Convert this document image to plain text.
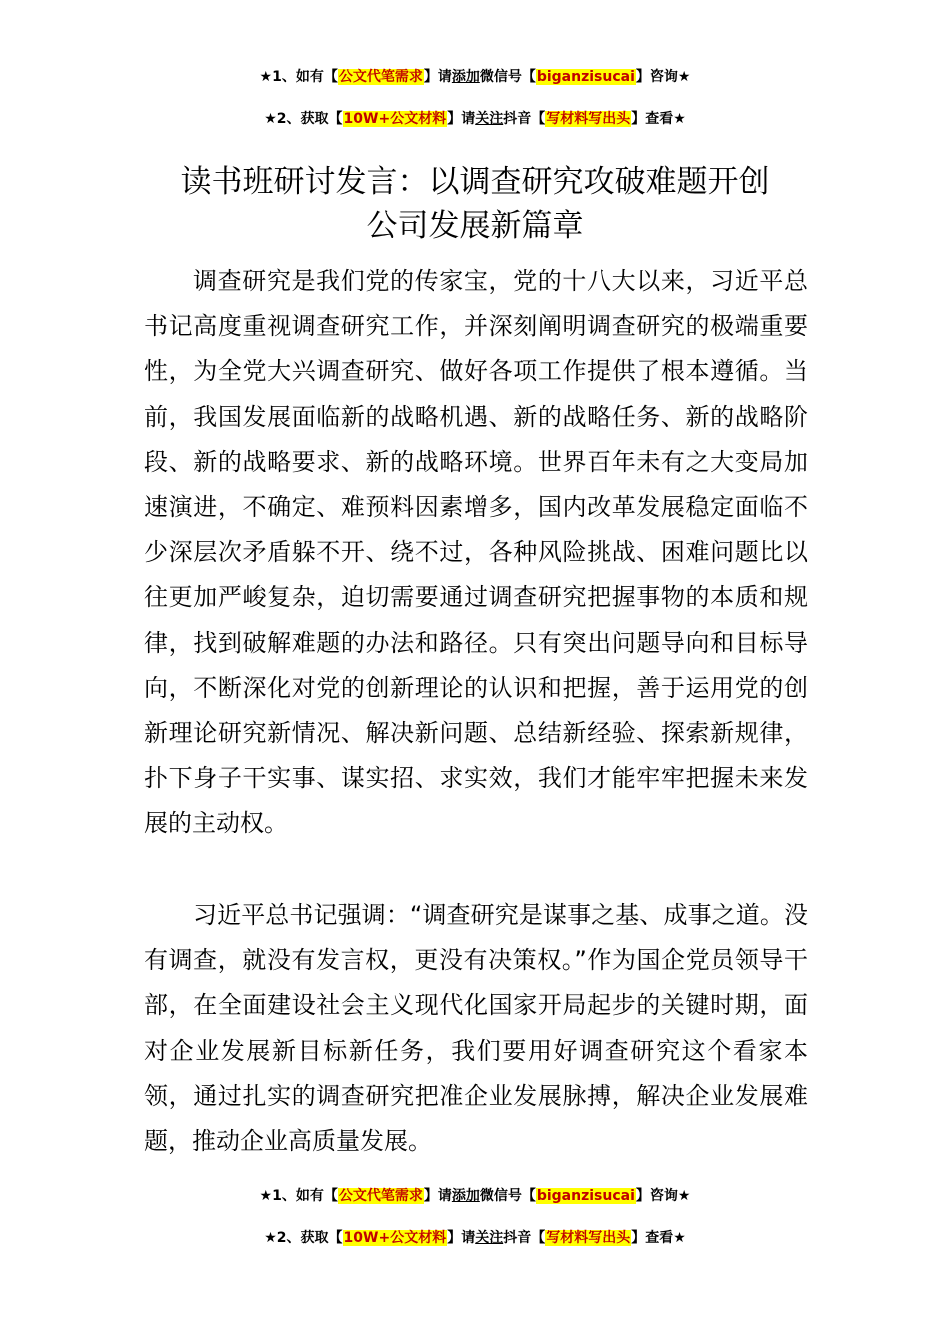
★1、如有【公文代笔需求】请添加微信号【biganzisucai】咨询★
★2、获取【10W+公文材料】请关注抖音【写材料写出头】查看★
读书班研讨发言：以调查研究攻破难题开创
公司发展新篇章
调查研究是我们党的传家宝，党的十八大以来，习近平总书记高度重视调查研究工作，并深刻阐明调查研究的极端重要性，为全党大兴调查研究、做好各项工作提供了根本遵循。当前，我国发展面临新的战略机遇、新的战略任务、新的战略阶段、新的战略要求、新的战略环境。世界百年未有之大变局加速演进，不确定、难预料因素增多，国内改革发展稳定面临不少深层次矛盾躲不开、绕不过，各种风险挑战、困难问题比以往更加严峻复杂，迫切需要通过调查研究把握事物的本质和规律，找到破解难题的办法和路径。只有突出问题导向和目标导向，不断深化对党的创新理论的认识和把握，善于运用党的创新理论研究新情况、解决新问题、总结新经验、探索新规律，扑下身子干实事、谋实招、求实效，我们才能牢牢把握未来发展的主动权。
习近平总书记强调：“调查研究是谋事之基、成事之道。没有调查，就没有发言权，更没有决策权。”作为国企党员领导干部，在全面建设社会主义现代化国家开局起步的关键时期，面对企业发展新目标新任务，我们要用好调查研究这个看家本领，通过扎实的调查研究把准企业发展脉搏，解决企业发展难题，推动企业高质量发展。
★1、如有【公文代笔需求】请添加微信号【biganzisucai】咨询★
★2、获取【10W+公文材料】请关注抖音【写材料写出头】查看★
